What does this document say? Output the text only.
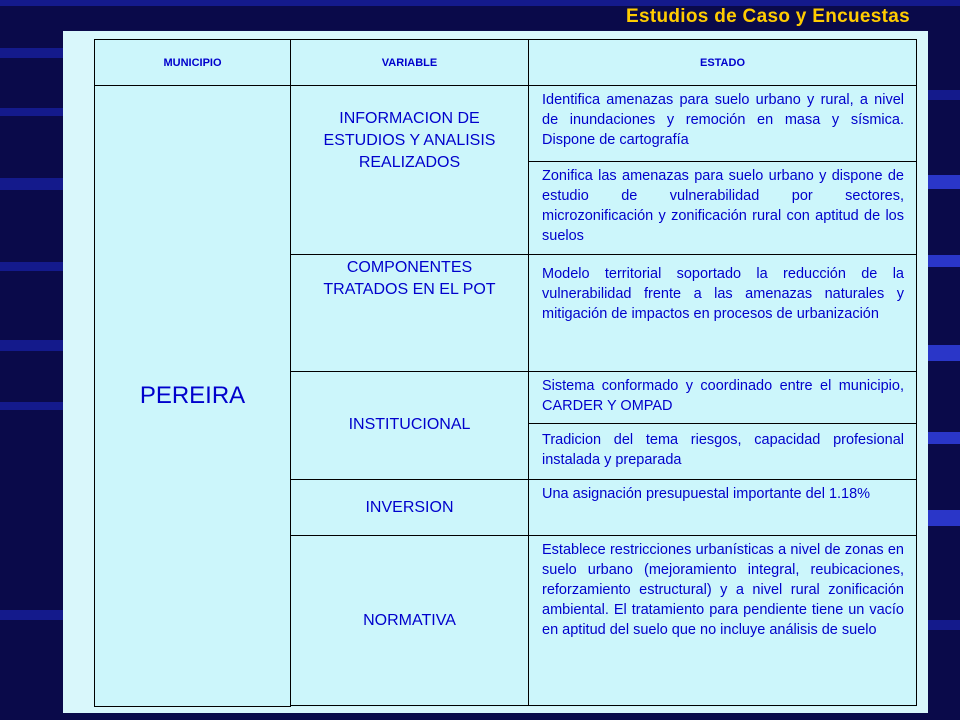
Estudios de Caso y Encuestas
MUNICIPIO	VARIABLE	ESTADO
PEREIRA	INFORMACION DE ESTUDIOS Y ANALISIS REALIZADOS	Identifica amenazas para suelo urbano y rural, a nivel de inundaciones y remoción en masa y sísmica. Dispone de cartografía
		Zonifica las amenazas para suelo urbano y dispone de estudio de vulnerabilidad por sectores, microzonificación y zonificación rural con aptitud de los suelos
	COMPONENTES TRATADOS EN EL POT	Modelo territorial soportado la reducción de la vulnerabilidad frente a las amenazas naturales y mitigación de impactos en procesos de urbanización
	INSTITUCIONAL	Sistema conformado y coordinado entre el municipio, CARDER Y OMPAD
		Tradicion del tema riesgos, capacidad profesional instalada y preparada
	INVERSION	Una asignación presupuestal importante del 1.18%
	NORMATIVA	Establece restricciones urbanísticas a nivel de zonas en suelo urbano (mejoramiento integral, reubicaciones, reforzamiento estructural) y a nivel rural zonificación ambiental. El tratamiento para pendiente tiene un vacío en aptitud del suelo que no incluye análisis de suelo
